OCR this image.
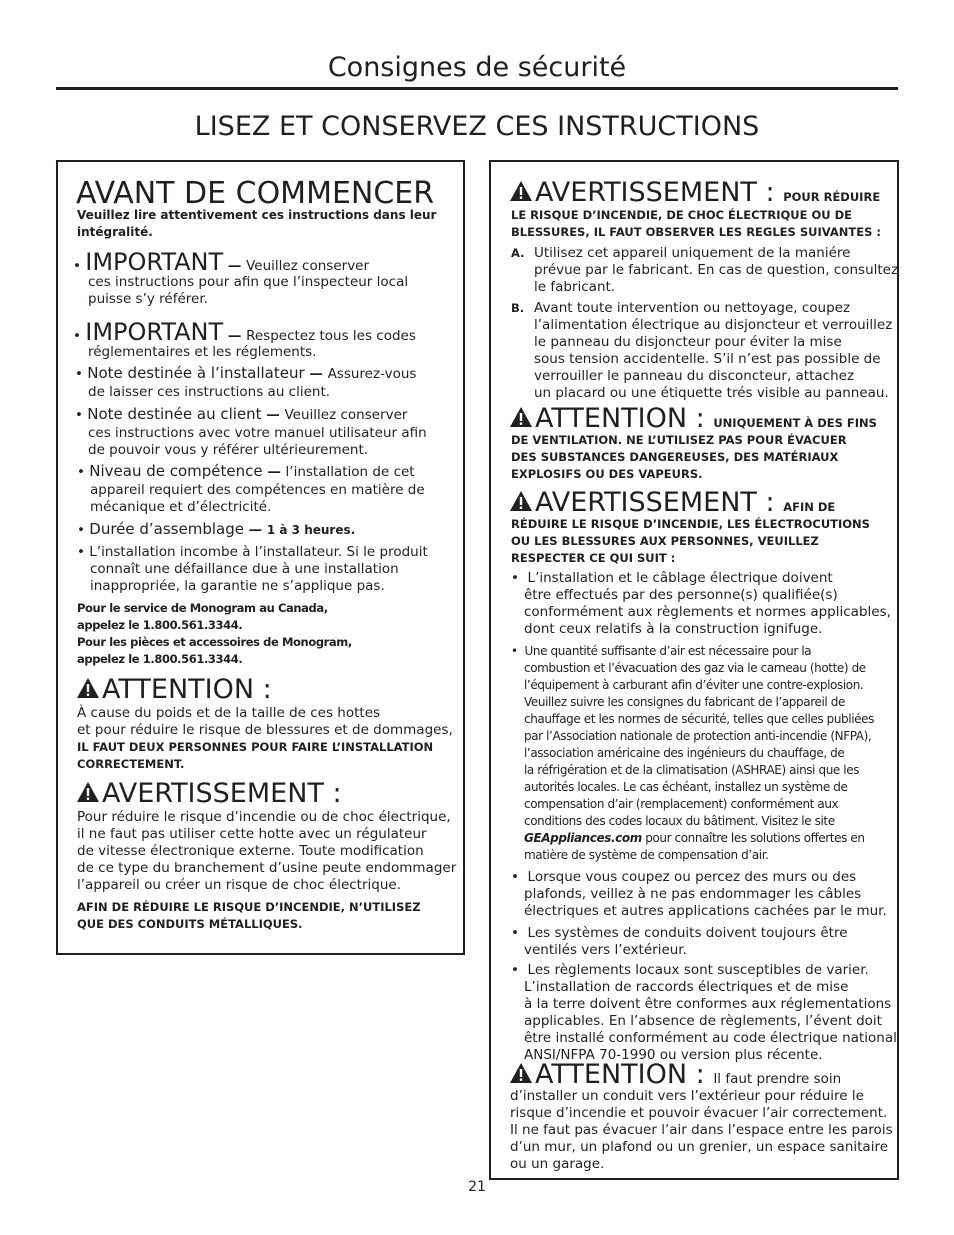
Consignes de sécurité
LISEZ ET CONSERVEZ CES INSTRUCTIONS
AVANT DE COMMENCER
Veuillez lire attentivement ces instructions dans leur
intégralité.
• IMPORTANT — Veuillez conserver
ces instructions pour afin que l’inspecteur local
puisse s’y référer.
• IMPORTANT — Respectez tous les codes
réglementaires et les réglements.
• Note destinée à l’installateur — Assurez-vous
de laisser ces instructions au client.
• Note destinée au client — Veuillez conserver
ces instructions avec votre manuel utilisateur afin
de pouvoir vous y référer ultérieurement.
• Niveau de compétence — l’installation de cet
appareil requiert des compétences en matière de
mécanique et d’électricité.
• Durée d’assemblage — 1 à 3 heures.
• L’installation incombe à l’installateur. Si le produit
connaît une défaillance due à une installation
inappropriée, la garantie ne s’applique pas.
Pour le service de Monogram au Canada,
appelez le 1.800.561.3344.
Pour les pièces et accessoires de Monogram,
appelez le 1.800.561.3344.
ATTENTION :
À cause du poids et de la taille de ces hottes
et pour réduire le risque de blessures et de dommages,
IL FAUT DEUX PERSONNES POUR FAIRE L’INSTALLATION
CORRECTEMENT.
AVERTISSEMENT :
Pour réduire le risque d’incendie ou de choc électrique,
il ne faut pas utiliser cette hotte avec un régulateur
de vitesse électronique externe. Toute modification
de ce type du branchement d’usine peute endommager
l’appareil ou créer un risque de choc électrique.
AFIN DE RÉDUIRE LE RISQUE D’INCENDIE, N’UTILISEZ
QUE DES CONDUITS MÉTALLIQUES.
AVERTISSEMENT : POUR RÉDUIRE
LE RISQUE D’INCENDIE, DE CHOC ÉLECTRIQUE OU DE
BLESSURES, IL FAUT OBSERVER LES REGLES SUIVANTES :
A. Utilisez cet appareil uniquement de la maniére
prévue par le fabricant. En cas de question, consultez
le fabricant.
B. Avant toute intervention ou nettoyage, coupez
l’alimentation électrique au disjoncteur et verrouillez
le panneau du disjoncteur pour éviter la mise
sous tension accidentelle. S’il n’est pas possible de
verrouiller le panneau du disconcteur, attachez
un placard ou une étiquette trés visible au panneau.
ATTENTION : UNIQUEMENT À DES FINS
DE VENTILATION. NE L’UTILISEZ PAS POUR ÉVACUER
DES SUBSTANCES DANGEREUSES, DES MATÉRIAUX
EXPLOSIFS OU DES VAPEURS.
AVERTISSEMENT : AFIN DE
RÉDUIRE LE RISQUE D’INCENDIE, LES ÉLECTROCUTIONS
OU LES BLESSURES AUX PERSONNES, VEUILLEZ
RESPECTER CE QUI SUIT :
•  L’installation et le câblage électrique doivent
être effectués par des personne(s) qualifiée(s)
conformément aux règlements et normes applicables,
dont ceux relatifs à la construction ignifuge.
•  Une quantité suffisante d’air est nécessaire pour la
combustion et l’évacuation des gaz via le carneau (hotte) de
l’équipement à carburant afin d’éviter une contre-explosion.
Veuillez suivre les consignes du fabricant de l’appareil de
chauffage et les normes de sécurité, telles que celles publiées
par l’Association nationale de protection anti-incendie (NFPA),
l’association américaine des ingénieurs du chauffage, de
la réfrigération et de la climatisation (ASHRAE) ainsi que les
autorités locales. Le cas échéant, installez un système de
compensation d’air (remplacement) conformément aux
conditions des codes locaux du bâtiment. Visitez le site
GEAppliances.com pour connaître les solutions offertes en
matière de système de compensation d’air.
•  Lorsque vous coupez ou percez des murs ou des
plafonds, veillez à ne pas endommager les câbles
électriques et autres applications cachées par le mur.
•  Les systèmes de conduits doivent toujours être
ventilés vers l’extérieur.
•  Les règlements locaux sont susceptibles de varier.
L’installation de raccords électriques et de mise
à la terre doivent être conformes aux réglementations
applicables. En l’absence de règlements, l’évent doit
être installé conformément au code électrique national
ANSI/NFPA 70-1990 ou version plus récente.
ATTENTION : Il faut prendre soin
d’installer un conduit vers l’extérieur pour réduire le
risque d’incendie et pouvoir évacuer l’air correctement.
Il ne faut pas évacuer l’air dans l’espace entre les parois
d’un mur, un plafond ou un grenier, un espace sanitaire
ou un garage.
21
